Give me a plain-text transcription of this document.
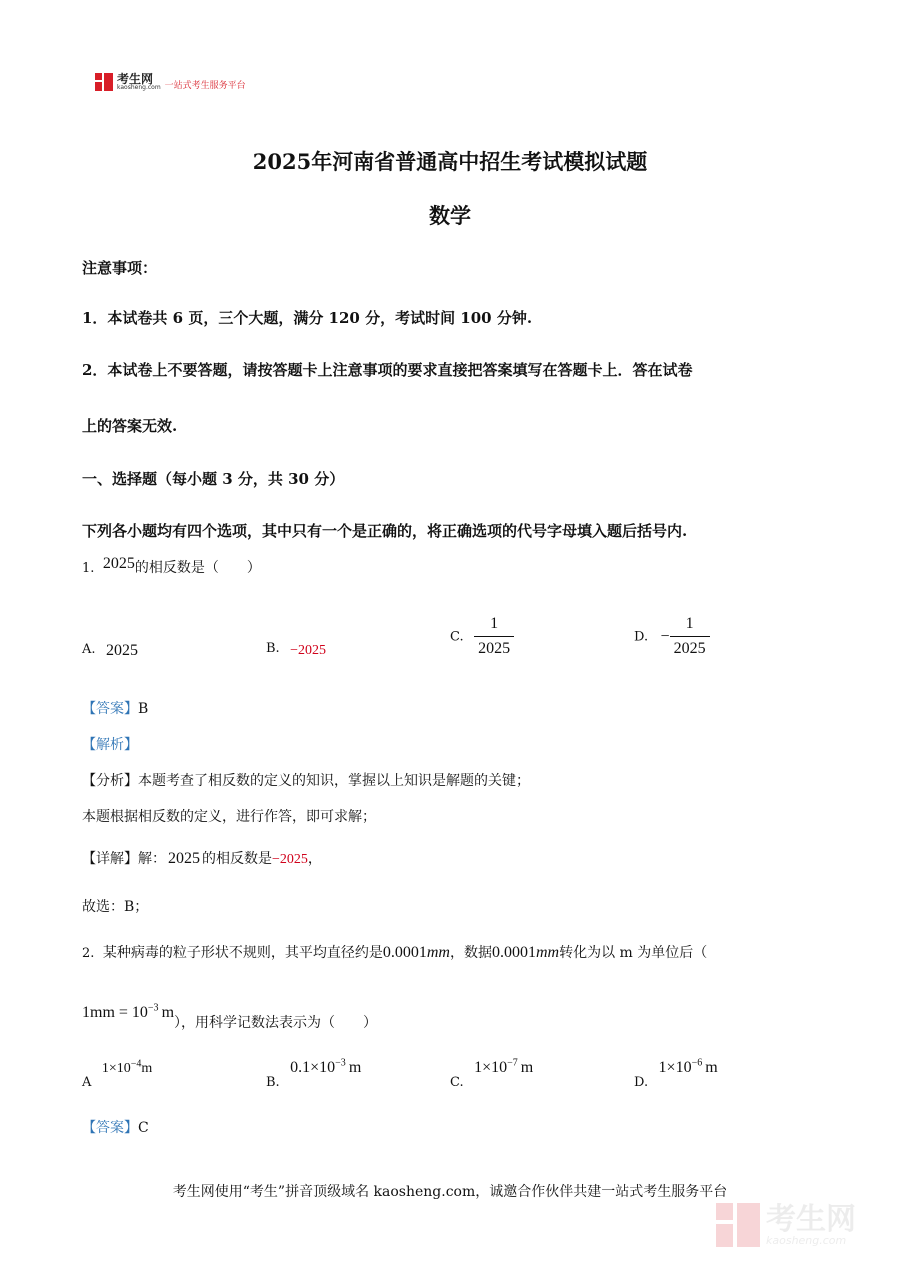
考生网
kaosheng.com 一站式考生服务平台
2025年河南省普通高中招生考试模拟试题
数学
注意事项：
1．本试卷共 6 页，三个大题，满分 120 分，考试时间 100 分钟.
2．本试卷上不要答题，请按答题卡上注意事项的要求直接把答案填写在答题卡上．答在试卷
上的答案无效.
一、选择题（每小题 3 分，共 30 分）
下列各小题均有四个选项，其中只有一个是正确的，将正确选项的代号字母填入题后括号内.
1. 2025的相反数是（　　）
A. 2025	B. −2025
C. $\frac{1}{2025}$	D. − $\frac{1}{2025}$
【答案】B
【解析】
【分析】本题考查了相反数的定义的知识，掌握以上知识是解题的关键；
本题根据相反数的定义，进行作答，即可求解；
【详解】解： 2025 的相反数是−2025，
故选：B；
2. 某种病毒的粒子形状不规则，其平均直径约是0.0001mm，数据0.0001mm转化为以 m 为单位后（
$1mm = 10^{-3}$ m），用科学记数法表示为（　　）
A $1\times 10^{-4}m$
B. $0.1\times 10^{-3}$ m
C. $1\times 10^{-7}$ m
D. $1\times 10^{-6}$ m
【答案】C
考生网使用“考生”拼音顶级域名 kaosheng.com，诚邀合作伙伴共建一站式考生服务平台
考生网
kaosheng.com
